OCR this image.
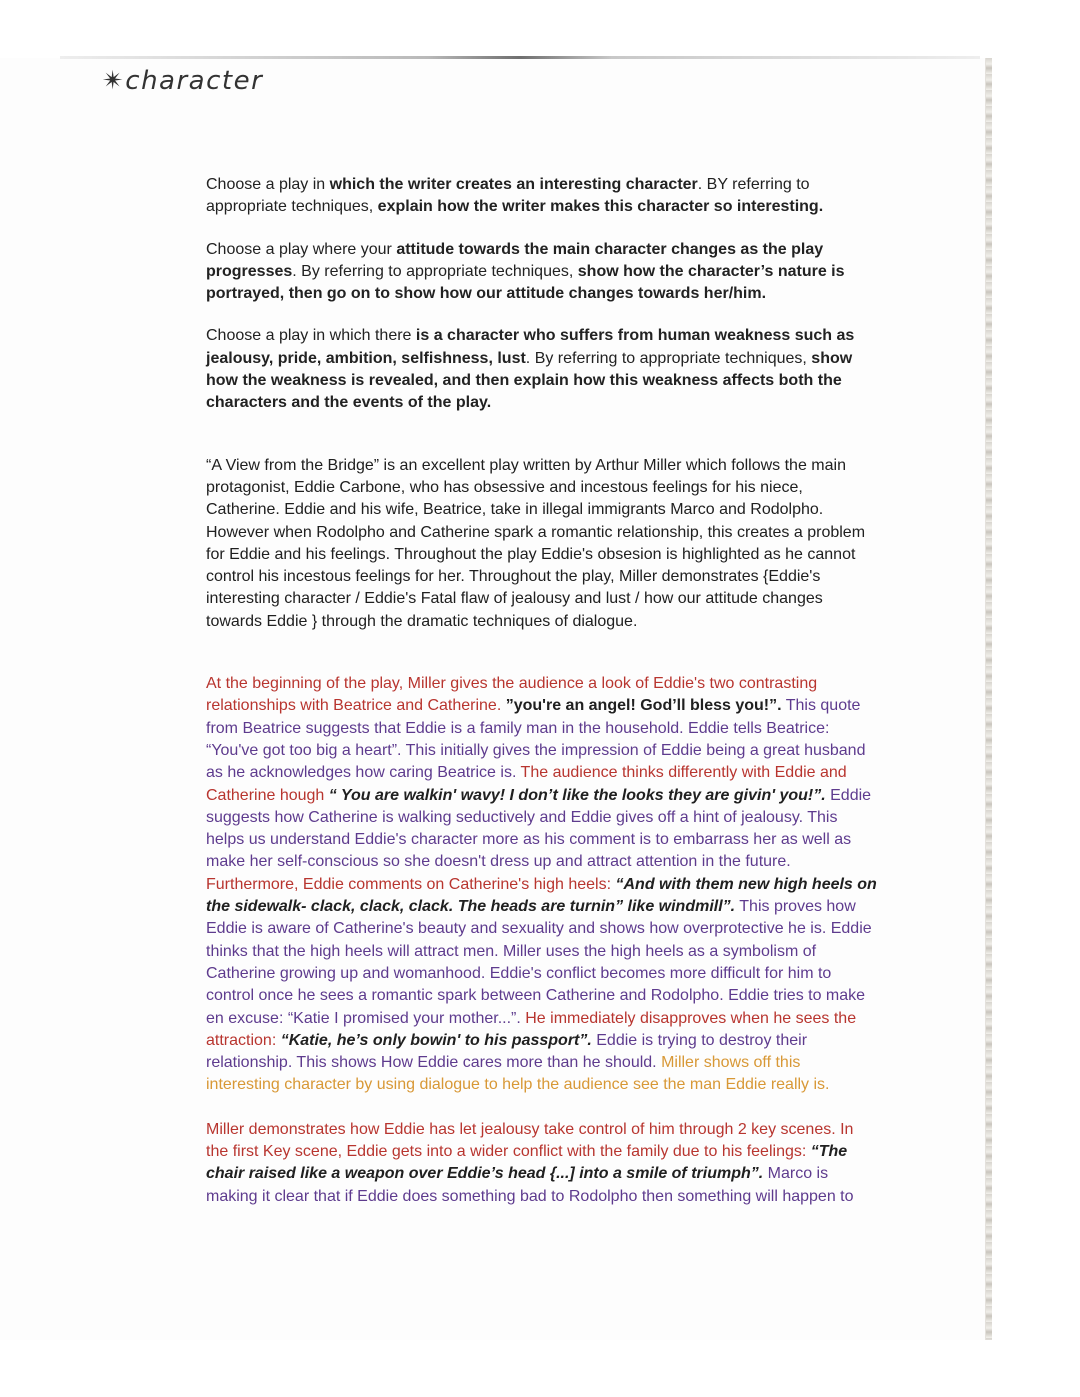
✴character

Choose a play in which the writer creates an interesting character. BY referring to appropriate techniques, explain how the writer makes this character so interesting.

Choose a play where your attitude towards the main character changes as the play progresses. By referring to appropriate techniques, show how the character’s nature is portrayed, then go on to show how our attitude changes towards her/him.

Choose a play in which there is a character who suffers from human weakness such as jealousy, pride, ambition, selfishness, lust. By referring to appropriate techniques, show how the weakness is revealed, and then explain how this weakness affects both the characters and the events of the play.

“A View from the Bridge” is an excellent play written by Arthur Miller which follows the main protagonist, Eddie Carbone, who has obsessive and incestous feelings for his niece, Catherine. Eddie and his wife, Beatrice, take in illegal immigrants Marco and Rodolpho. However when Rodolpho and Catherine spark a romantic relationship, this creates a problem for Eddie and his feelings. Throughout the play Eddie's obsesion is highlighted as he cannot control his incestous feelings for her. Throughout the play, Miller demonstrates {Eddie's interesting character / Eddie's Fatal flaw of jealousy and lust / how our attitude changes towards Eddie } through the dramatic techniques of dialogue.

At the beginning of the play, Miller gives the audience a look of Eddie's two contrasting relationships with Beatrice and Catherine. ”you're an angel! God’ll bless you!”. This quote from Beatrice suggests that Eddie is a family man in the household. Eddie tells Beatrice: “You've got too big a heart”. This initially gives the impression of Eddie being a great husband as he acknowledges how caring Beatrice is. The audience thinks differently with Eddie and Catherine hough “ You are walkin' wavy! I don’t like the looks they are givin' you!”. Eddie suggests how Catherine is walking seductively and Eddie gives off a hint of jealousy. This helps us understand Eddie's character more as his comment is to embarrass her as well as make her self-conscious so she doesn't dress up and attract attention in the future. Furthermore, Eddie comments on Catherine's high heels: “And with them new high heels on the sidewalk- clack, clack, clack. The heads are turnin” like windmill”. This proves how Eddie is aware of Catherine's beauty and sexuality and shows how overprotective he is. Eddie thinks that the high heels will attract men. Miller uses the high heels as a symbolism of Catherine growing up and womanhood. Eddie's conflict becomes more difficult for him to control once he sees a romantic spark between Catherine and Rodolpho. Eddie tries to make en excuse: “Katie I promised your mother...”. He immediately disapproves when he sees the attraction: “Katie, he’s only bowin' to his passport”. Eddie is trying to destroy their relationship. This shows How Eddie cares more than he should. Miller shows off this interesting character by using dialogue to help the audience see the man Eddie really is.

Miller demonstrates how Eddie has let jealousy take control of him through 2 key scenes. In the first Key scene, Eddie gets into a wider conflict with the family due to his feelings: “The chair raised like a weapon over Eddie’s head {...] into a smile of triumph”. Marco is making it clear that if Eddie does something bad to Rodolpho then something will happen to
